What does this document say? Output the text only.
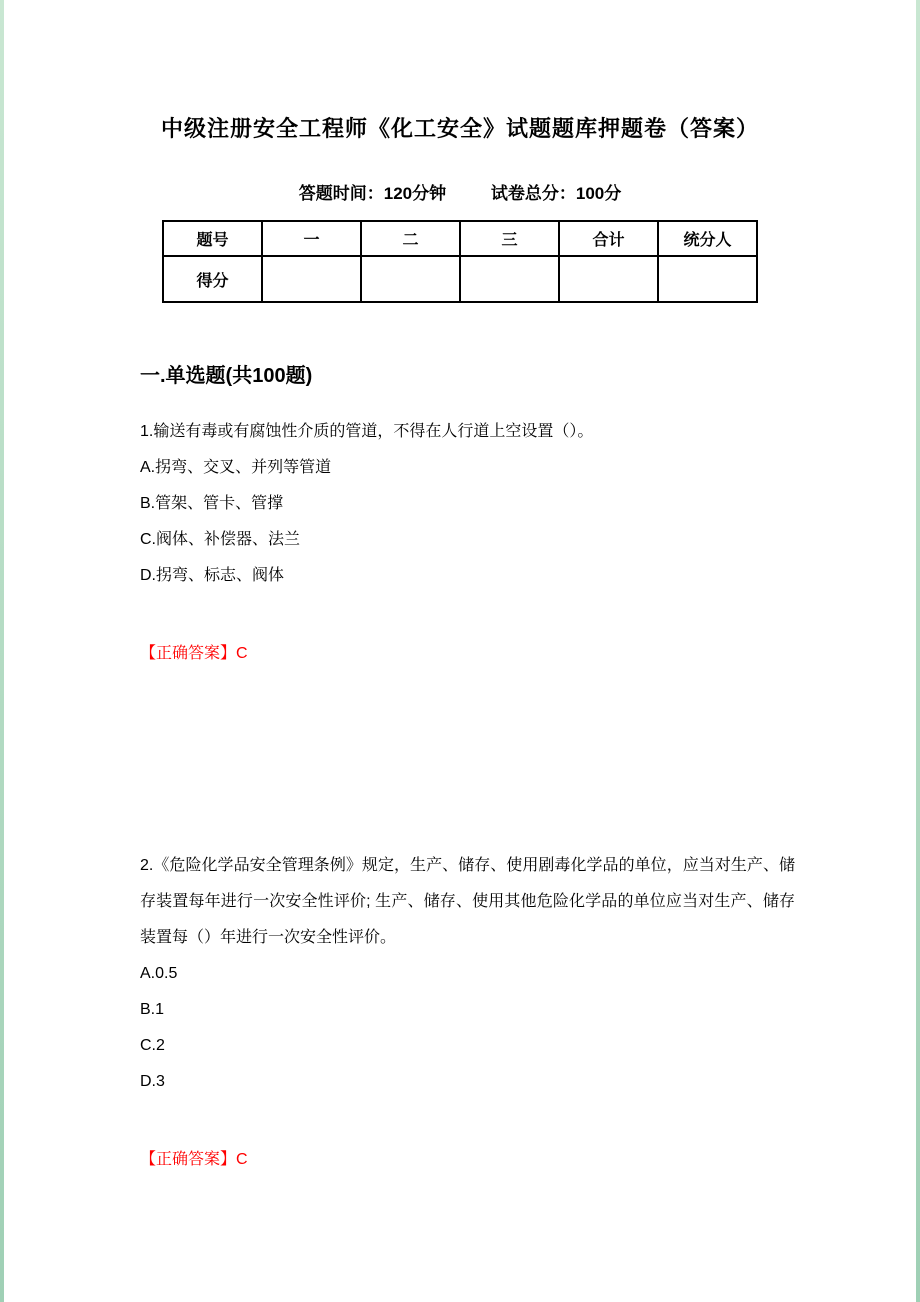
中级注册安全工程师《化工安全》试题题库押题卷（答案）
答题时间：120分钟	试卷总分：100分
题号	一	二	三	合计	统分人
得分					
一.单选题(共100题)
1.输送有毒或有腐蚀性介质的管道，不得在人行道上空设置（）。
A.拐弯、交叉、并列等管道
B.管架、管卡、管撑
C.阀体、补偿器、法兰
D.拐弯、标志、阀体
【正确答案】C
2.《危险化学品安全管理条例》规定，生产、储存、使用剧毒化学品的单位，应当对生产、储存装置每年进行一次安全性评价; 生产、储存、使用其他危险化学品的单位应当对生产、储存装置每（）年进行一次安全性评价。
A.0.5
B.1
C.2
D.3
【正确答案】C
